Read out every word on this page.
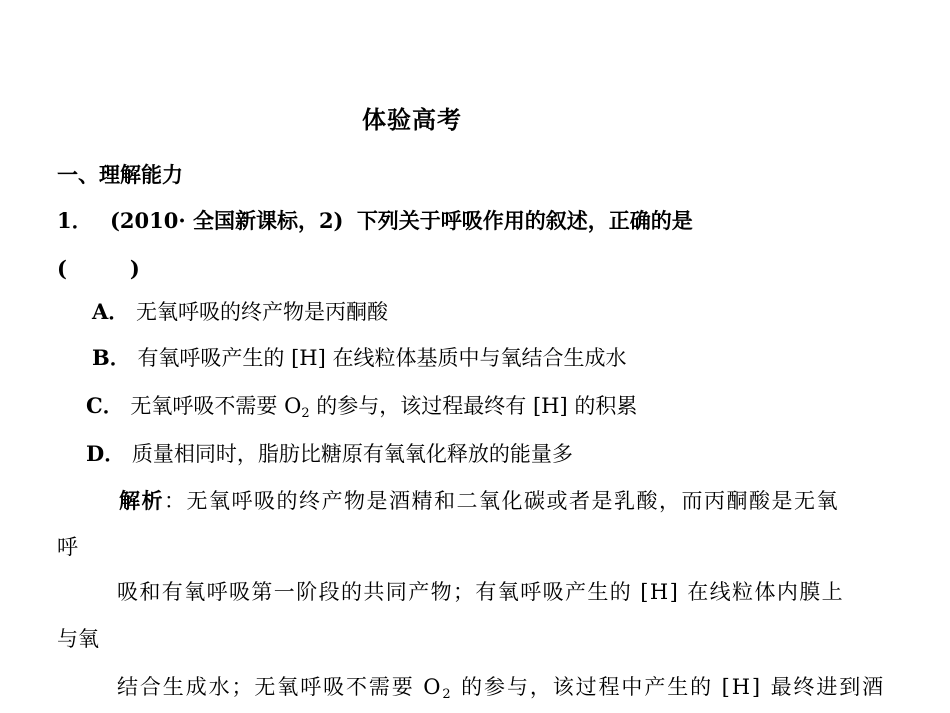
体验高考
一、理解能力
1． (2010· 全国新课标，2) 下列关于呼吸作用的叙述，正确的是
(　　　)
A． 无氧呼吸的终产物是丙酮酸
B． 有氧呼吸产生的 [H] 在线粒体基质中与氧结合生成水
C． 无氧呼吸不需要 $O_2$ 的参与，该过程最终有 [H] 的积累
D． 质量相同时，脂肪比糖原有氧氧化释放的能量多
解析：无氧呼吸的终产物是酒精和二氧化碳或者是乳酸，而丙酮酸是无氧
呼
吸和有氧呼吸第一阶段的共同产物；有氧呼吸产生的 [H] 在线粒体内膜上
与氧
结合生成水；无氧呼吸不需要 $O_2$ 的参与，该过程中产生的 [H] 最终进到酒
